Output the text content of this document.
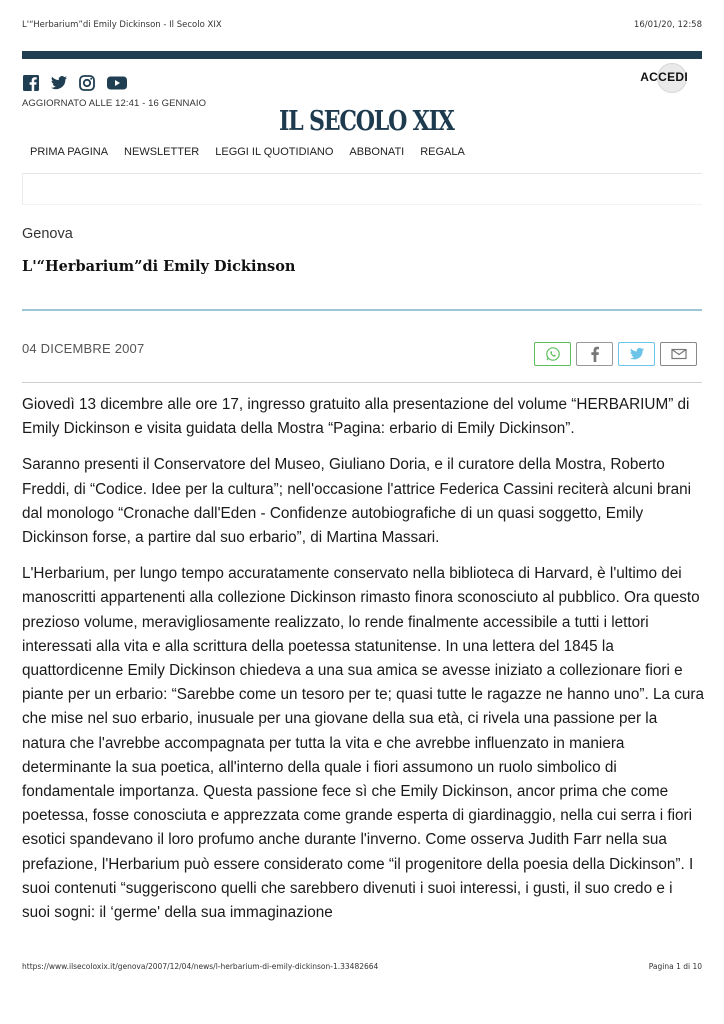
L'“Herbarium”di Emily Dickinson - Il Secolo XIX	16/01/20, 12:58
ACCEDI
AGGIORNATO ALLE 12:41 - 16 GENNAIO
IL SECOLO XIX
PRIMA PAGINA NEWSLETTER LEGGI IL QUOTIDIANO ABBONATI REGALA
Genova
L'“Herbarium”di Emily Dickinson
04 DICEMBRE 2007

Giovedì 13 dicembre alle ore 17, ingresso gratuito alla presentazione del volume “HERBARIUM” di Emily Dickinson e visita guidata della Mostra “Pagina: erbario di Emily Dickinson”.

Saranno presenti il Conservatore del Museo, Giuliano Doria, e il curatore della Mostra, Roberto Freddi, di “Codice. Idee per la cultura”; nell'occasione l'attrice Federica Cassini reciterà alcuni brani dal monologo “Cronache dall'Eden - Confidenze autobiografiche di un quasi soggetto, Emily Dickinson forse, a partire dal suo erbario”, di Martina Massari.

L'Herbarium, per lungo tempo accuratamente conservato nella biblioteca di Harvard, è l'ultimo dei manoscritti appartenenti alla collezione Dickinson rimasto finora sconosciuto al pubblico. Ora questo prezioso volume, meravigliosamente realizzato, lo rende finalmente accessibile a tutti i lettori interessati alla vita e alla scrittura della poetessa statunitense. In una lettera del 1845 la quattordicenne Emily Dickinson chiedeva a una sua amica se avesse iniziato a collezionare fiori e piante per un erbario: “Sarebbe come un tesoro per te; quasi tutte le ragazze ne hanno uno”. La cura che mise nel suo erbario, inusuale per una giovane della sua età, ci rivela una passione per la natura che l'avrebbe accompagnata per tutta la vita e che avrebbe influenzato in maniera determinante la sua poetica, all'interno della quale i fiori assumono un ruolo simbolico di fondamentale importanza. Questa passione fece sì che Emily Dickinson, ancor prima che come poetessa, fosse conosciuta e apprezzata come grande esperta di giardinaggio, nella cui serra i fiori esotici spandevano il loro profumo anche durante l'inverno. Come osserva Judith Farr nella sua prefazione, l'Herbarium può essere considerato come “il progenitore della poesia della Dickinson”. I suoi contenuti “suggeriscono quelli che sarebbero divenuti i suoi interessi, i gusti, il suo credo e i suoi sogni: il ‘germe' della sua immaginazione

https://www.ilsecoloxix.it/genova/2007/12/04/news/l-herbarium-di-emily-dickinson-1.33482664	Pagina 1 di 10
